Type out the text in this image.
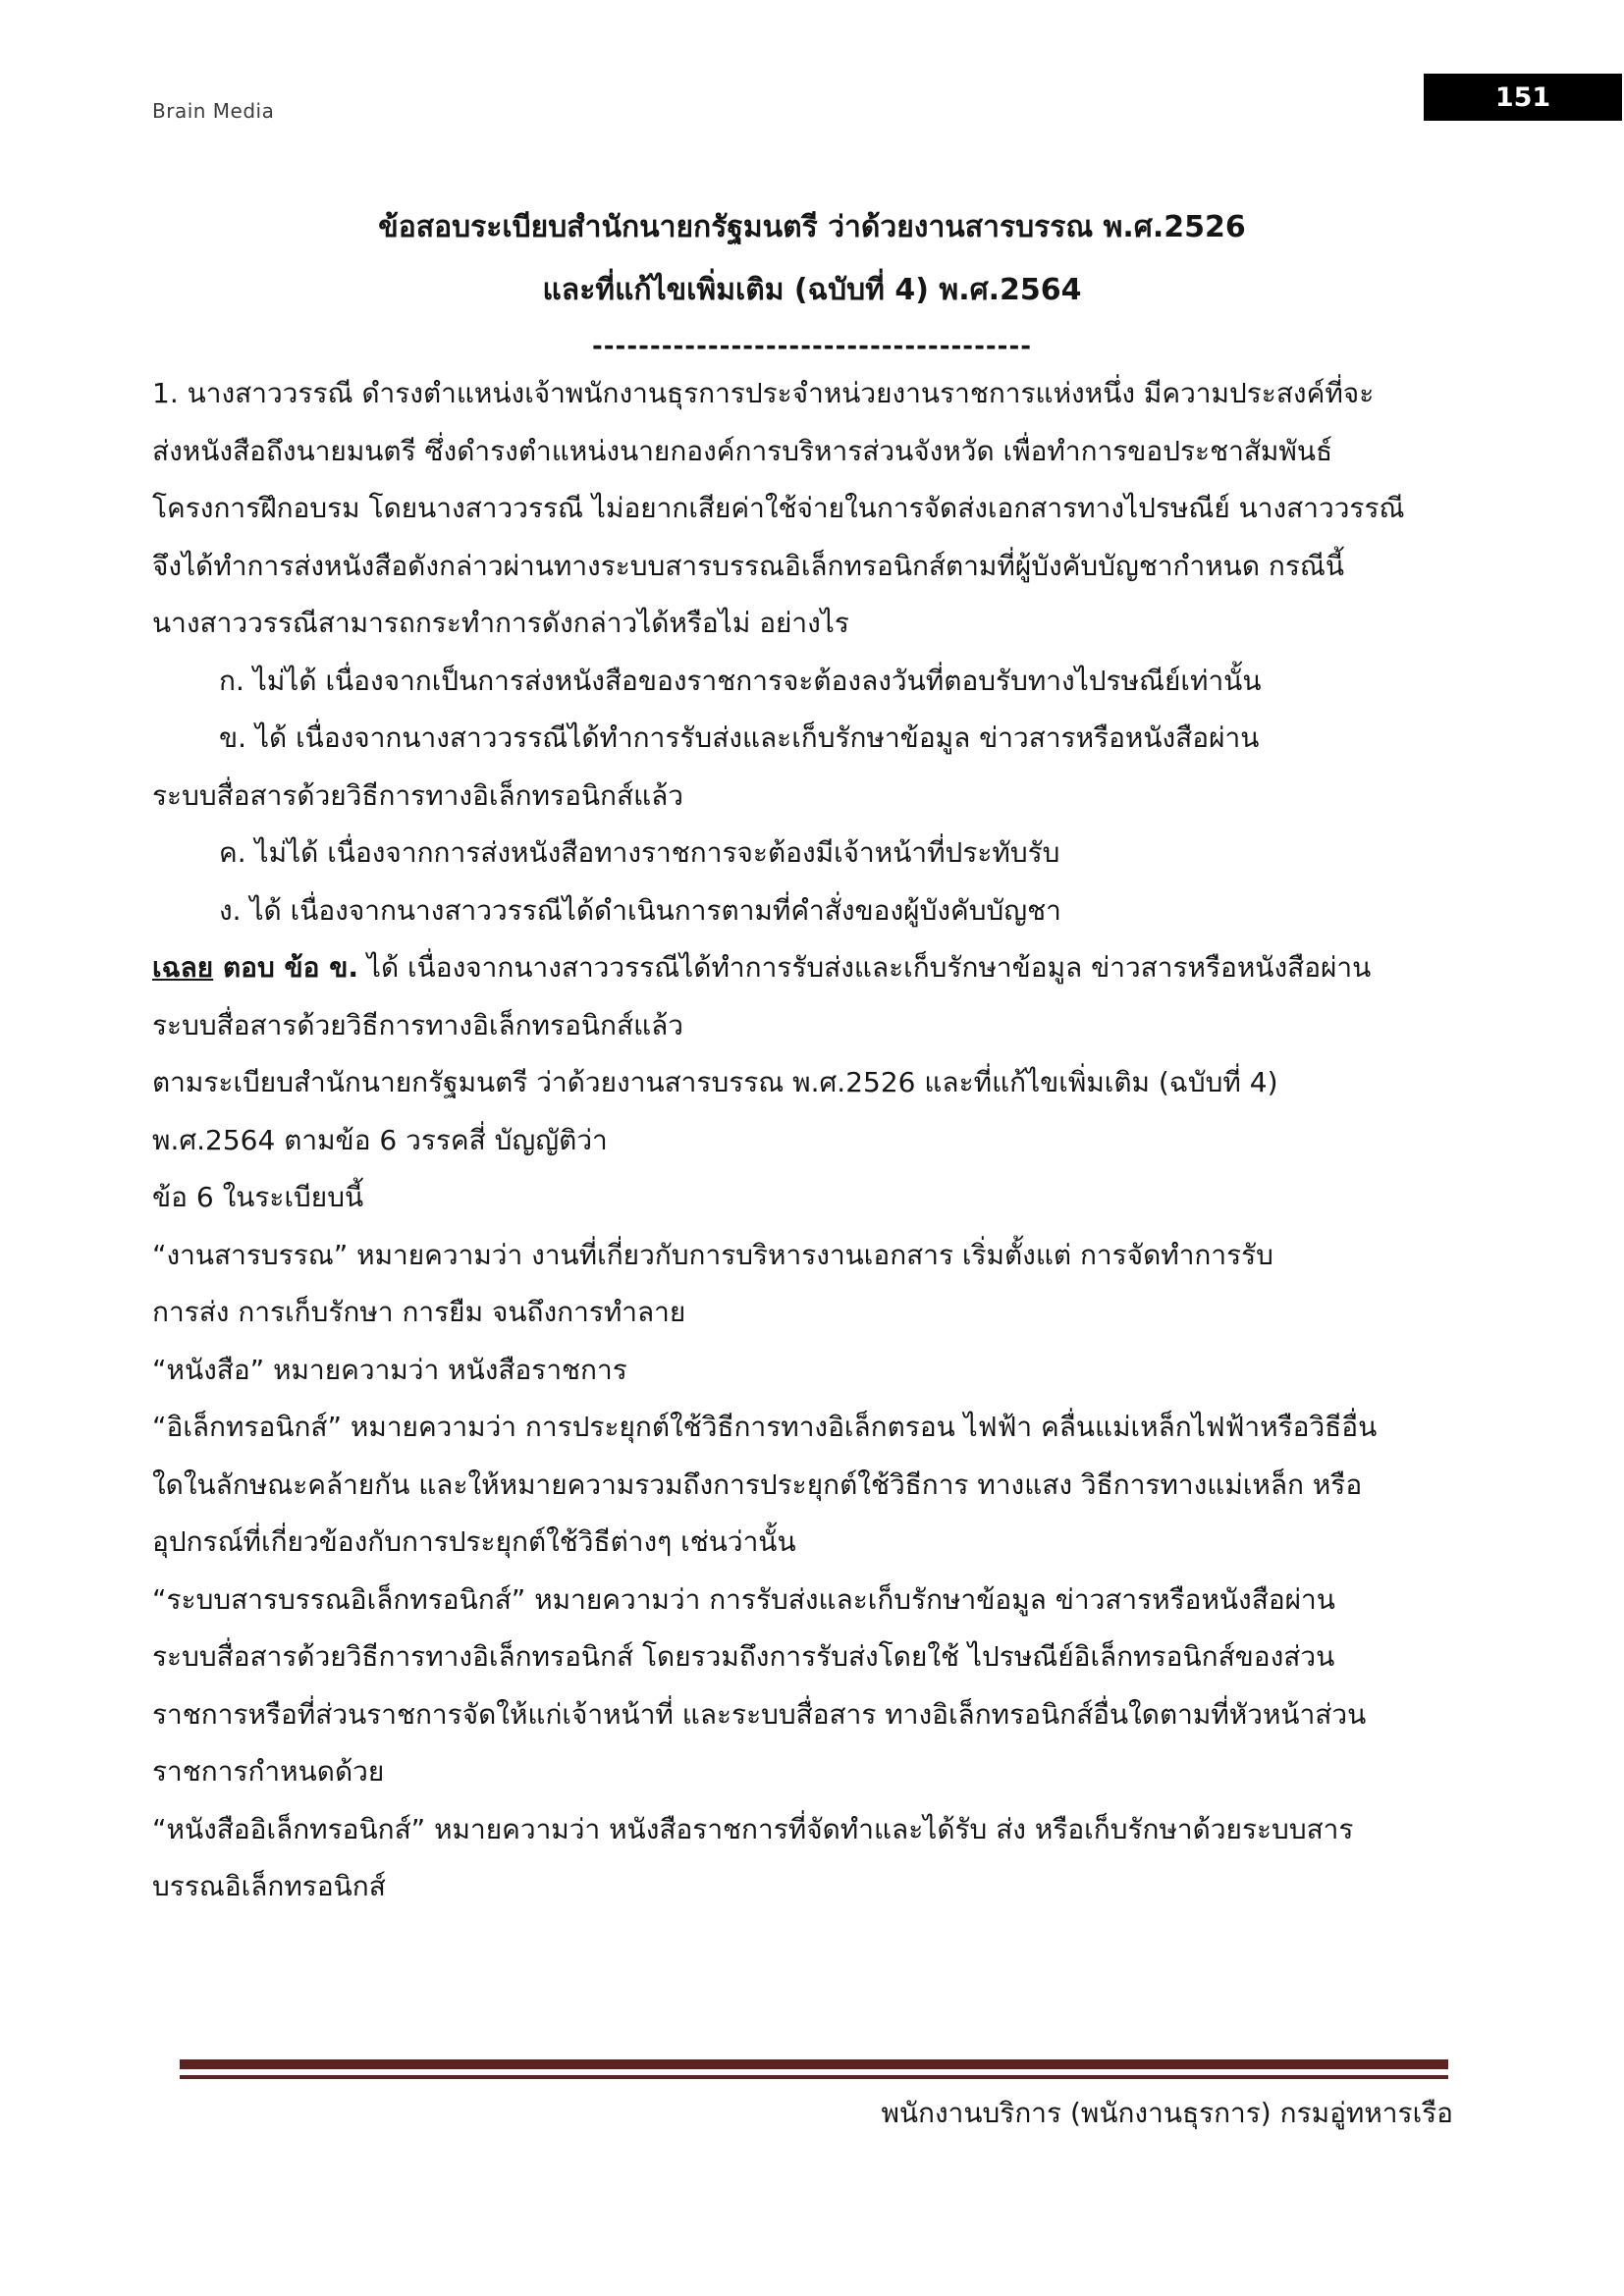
Brain Media	151
ข้อสอบระเบียบสำนักนายกรัฐมนตรี ว่าด้วยงานสารบรรณ พ.ศ.2526
และที่แก้ไขเพิ่มเติม (ฉบับที่ 4) พ.ศ.2564
--------------------------------------
1. นางสาววรรณี ดำรงตำแหน่งเจ้าพนักงานธุรการประจำหน่วยงานราชการแห่งหนึ่ง มีความประสงค์ที่จะ
ส่งหนังสือถึงนายมนตรี ซึ่งดำรงตำแหน่งนายกองค์การบริหารส่วนจังหวัด เพื่อทำการขอประชาสัมพันธ์
โครงการฝึกอบรม โดยนางสาววรรณี ไม่อยากเสียค่าใช้จ่ายในการจัดส่งเอกสารทางไปรษณีย์ นางสาววรรณี
จึงได้ทำการส่งหนังสือดังกล่าวผ่านทางระบบสารบรรณอิเล็กทรอนิกส์ตามที่ผู้บังคับบัญชากำหนด กรณีนี้
นางสาววรรณีสามารถกระทำการดังกล่าวได้หรือไม่ อย่างไร
ก. ไม่ได้ เนื่องจากเป็นการส่งหนังสือของราชการจะต้องลงวันที่ตอบรับทางไปรษณีย์เท่านั้น
ข. ได้ เนื่องจากนางสาววรรณีได้ทำการรับส่งและเก็บรักษาข้อมูล ข่าวสารหรือหนังสือผ่าน
ระบบสื่อสารด้วยวิธีการทางอิเล็กทรอนิกส์แล้ว
ค. ไม่ได้ เนื่องจากการส่งหนังสือทางราชการจะต้องมีเจ้าหน้าที่ประทับรับ
ง. ได้ เนื่องจากนางสาววรรณีได้ดำเนินการตามที่คำสั่งของผู้บังคับบัญชา
เฉลย ตอบ ข้อ ข. ได้ เนื่องจากนางสาววรรณีได้ทำการรับส่งและเก็บรักษาข้อมูล ข่าวสารหรือหนังสือผ่าน
ระบบสื่อสารด้วยวิธีการทางอิเล็กทรอนิกส์แล้ว
ตามระเบียบสำนักนายกรัฐมนตรี ว่าด้วยงานสารบรรณ พ.ศ.2526 และที่แก้ไขเพิ่มเติม (ฉบับที่ 4)
พ.ศ.2564 ตามข้อ 6 วรรคสี่ บัญญัติว่า
ข้อ 6 ในระเบียบนี้
“งานสารบรรณ” หมายความว่า งานที่เกี่ยวกับการบริหารงานเอกสาร เริ่มตั้งแต่ การจัดทำการรับ
การส่ง การเก็บรักษา การยืม จนถึงการทำลาย
“หนังสือ” หมายความว่า หนังสือราชการ
“อิเล็กทรอนิกส์” หมายความว่า การประยุกต์ใช้วิธีการทางอิเล็กตรอน ไฟฟ้า คลื่นแม่เหล็กไฟฟ้าหรือวิธีอื่น
ใดในลักษณะคล้ายกัน และให้หมายความรวมถึงการประยุกต์ใช้วิธีการ ทางแสง วิธีการทางแม่เหล็ก หรือ
อุปกรณ์ที่เกี่ยวข้องกับการประยุกต์ใช้วิธีต่างๆ เช่นว่านั้น
“ระบบสารบรรณอิเล็กทรอนิกส์” หมายความว่า การรับส่งและเก็บรักษาข้อมูล ข่าวสารหรือหนังสือผ่าน
ระบบสื่อสารด้วยวิธีการทางอิเล็กทรอนิกส์ โดยรวมถึงการรับส่งโดยใช้ ไปรษณีย์อิเล็กทรอนิกส์ของส่วน
ราชการหรือที่ส่วนราชการจัดให้แก่เจ้าหน้าที่ และระบบสื่อสาร ทางอิเล็กทรอนิกส์อื่นใดตามที่หัวหน้าส่วน
ราชการกำหนดด้วย
“หนังสืออิเล็กทรอนิกส์” หมายความว่า หนังสือราชการที่จัดทำและได้รับ ส่ง หรือเก็บรักษาด้วยระบบสาร
บรรณอิเล็กทรอนิกส์
พนักงานบริการ (พนักงานธุรการ) กรมอู่ทหารเรือ
